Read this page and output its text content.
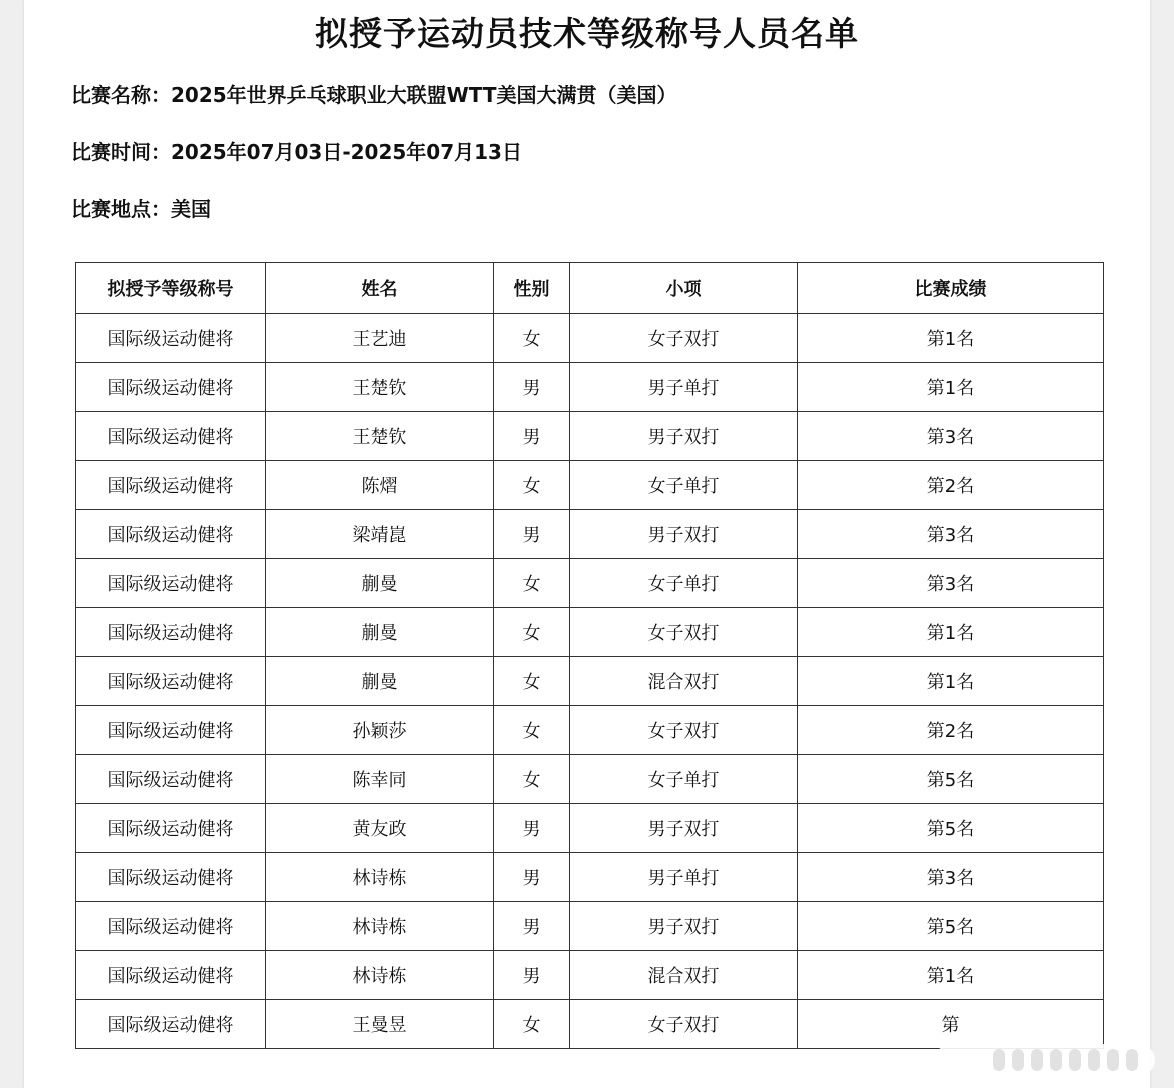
拟授予运动员技术等级称号人员名单
比赛名称：2025年世界乒乓球职业大联盟WTT美国大满贯（美国）
比赛时间：2025年07月03日-2025年07月13日
比赛地点：美国
拟授予等级称号	姓名	性别	小项	比赛成绩
国际级运动健将	王艺迪	女	女子双打	第1名
国际级运动健将	王楚钦	男	男子单打	第1名
国际级运动健将	王楚钦	男	男子双打	第3名
国际级运动健将	陈熠	女	女子单打	第2名
国际级运动健将	梁靖崑	男	男子双打	第3名
国际级运动健将	蒯曼	女	女子单打	第3名
国际级运动健将	蒯曼	女	女子双打	第1名
国际级运动健将	蒯曼	女	混合双打	第1名
国际级运动健将	孙颖莎	女	女子双打	第2名
国际级运动健将	陈幸同	女	女子单打	第5名
国际级运动健将	黄友政	男	男子双打	第5名
国际级运动健将	林诗栋	男	男子单打	第3名
国际级运动健将	林诗栋	男	男子双打	第5名
国际级运动健将	林诗栋	男	混合双打	第1名
国际级运动健将	王曼昱	女	女子双打	第
